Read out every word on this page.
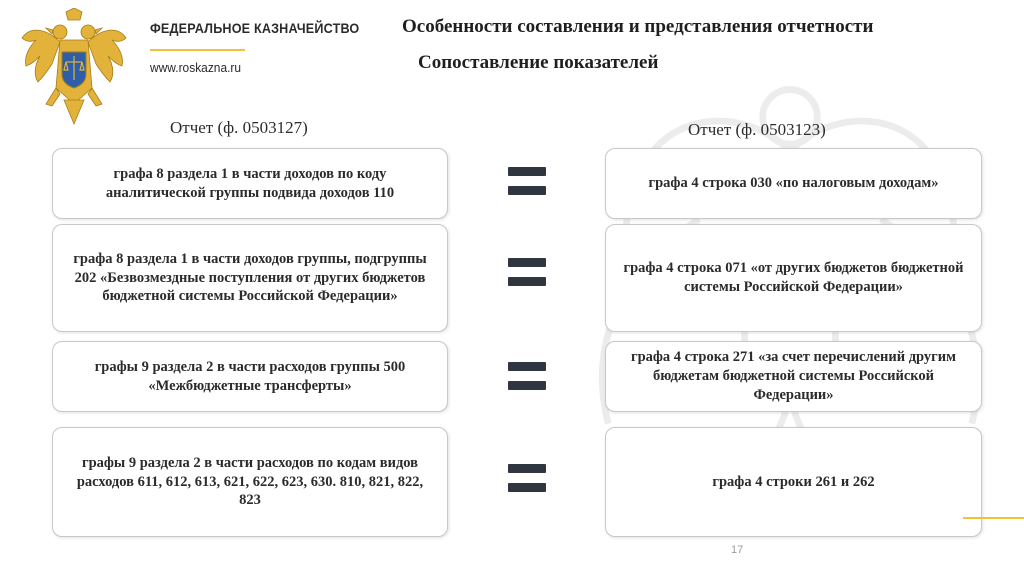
ФЕДЕРАЛЬНОЕ КАЗНАЧЕЙСТВО
www.roskazna.ru
Особенности составления и представления отчетности
Сопоставление показателей
Отчет (ф. 0503127)	Отчет (ф. 0503123)
графа 8 раздела 1 в части доходов по коду аналитической группы подвида доходов 110
графа 4 строка 030 «по налоговым доходам»
графа 8 раздела 1 в части доходов группы, подгруппы 202 «Безвозмездные поступления от других бюджетов бюджетной системы Российской Федерации»
графа 4 строка 071 «от других бюджетов бюджетной системы Российской Федерации»
графы 9 раздела 2 в части расходов группы 500 «Межбюджетные трансферты»
графа 4 строка 271 «за счет перечислений другим бюджетам бюджетной системы Российской Федерации»
графы 9 раздела 2 в части расходов по кодам видов расходов 611, 612, 613, 621, 622, 623, 630. 810, 821, 822, 823
графа 4 строки 261 и 262
17
